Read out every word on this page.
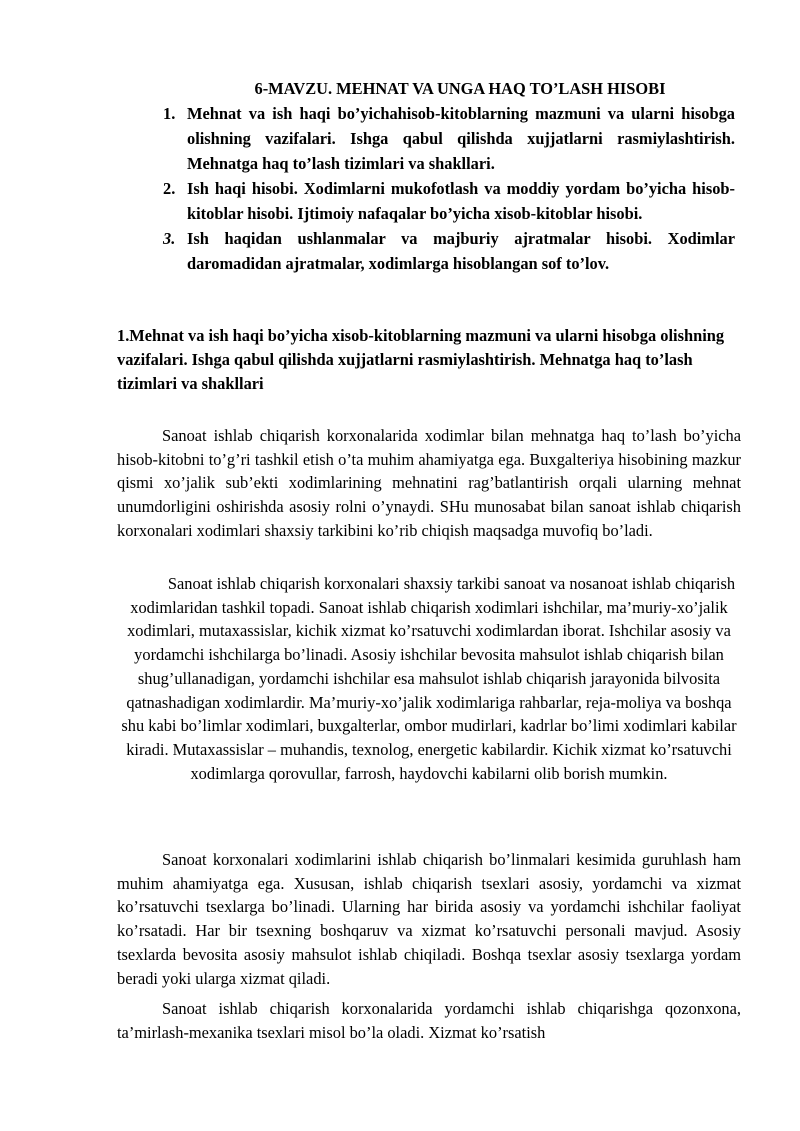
6-MAVZU. MEHNAT VA UNGA HAQ TO’LASH HISOBI
1. Mehnat va ish haqi bo’yichahisob-kitoblarning mazmuni va ularni hisobga olishning vazifalari. Ishga qabul qilishda xujjatlarni rasmiylashtirish. Mehnatga haq to’lash tizimlari va shakllari.
2. Ish haqi hisobi. Xodimlarni mukofotlash va moddiy yordam bo’yicha hisob-kitoblar hisobi. Ijtimoiy nafaqalar bo’yicha xisob-kitoblar hisobi.
3. Ish haqidan ushlanmalar va majburiy ajratmalar hisobi. Xodimlar daromadidan ajratmalar, xodimlarga hisoblangan sof to’lov.
1.Mehnat va ish haqi bo’yicha xisob-kitoblarning mazmuni va ularni hisobga olishning vazifalari. Ishga qabul qilishda xujjatlarni rasmiylashtirish. Mehnatga haq to’lash tizimlari va shakllari

Sanoat ishlab chiqarish korxonalarida xodimlar bilan mehnatga haq to’lash bo’yicha hisob-kitobni to’g’ri tashkil etish o’ta muhim ahamiyatga ega. Buxgalteriya hisobining mazkur qismi xo’jalik sub’ekti xodimlarining mehnatini rag’batlantirish orqali ularning mehnat unumdorligini oshirishda asosiy rolni o’ynaydi. SHu munosabat bilan sanoat ishlab chiqarish korxonalari xodimlari shaxsiy tarkibini ko’rib chiqish maqsadga muvofiq bo’ladi.

Sanoat ishlab chiqarish korxonalari shaxsiy tarkibi sanoat va nosanoat ishlab chiqarish xodimlaridan tashkil topadi. Sanoat ishlab chiqarish xodimlari ishchilar, ma’muriy-xo’jalik xodimlari, mutaxassislar, kichik xizmat ko’rsatuvchi xodimlardan iborat. Ishchilar asosiy va yordamchi ishchilarga bo’linadi. Asosiy ishchilar bevosita mahsulot ishlab chiqarish bilan shug’ullanadigan, yordamchi ishchilar esa mahsulot ishlab chiqarish jarayonida bilvosita qatnashadigan xodimlardir. Ma’muriy-xo’jalik xodimlariga rahbarlar, reja-moliya va boshqa shu kabi bo’limlar xodimlari, buxgalterlar, ombor mudirlari, kadrlar bo’limi xodimlari kabilar kiradi. Mutaxassislar – muhandis, texnolog, energetic kabilardir. Kichik xizmat ko’rsatuvchi xodimlarga qorovullar, farrosh, haydovchi kabilarni olib borish mumkin.

Sanoat korxonalari xodimlarini ishlab chiqarish bo’linmalari kesimida guruhlash ham muhim ahamiyatga ega. Xususan, ishlab chiqarish tsexlari asosiy, yordamchi va xizmat ko’rsatuvchi tsexlarga bo’linadi. Ularning har birida asosiy va yordamchi ishchilar faoliyat ko’rsatadi. Har bir tsexning boshqaruv va xizmat ko’rsatuvchi personali mavjud. Asosiy tsexlarda bevosita asosiy mahsulot ishlab chiqiladi. Boshqa tsexlar asosiy tsexlarga yordam beradi yoki ularga xizmat qiladi.

Sanoat ishlab chiqarish korxonalarida yordamchi ishlab chiqarishga qozonxona, ta’mirlash-mexanika tsexlari misol bo’la oladi. Xizmat ko’rsatish
